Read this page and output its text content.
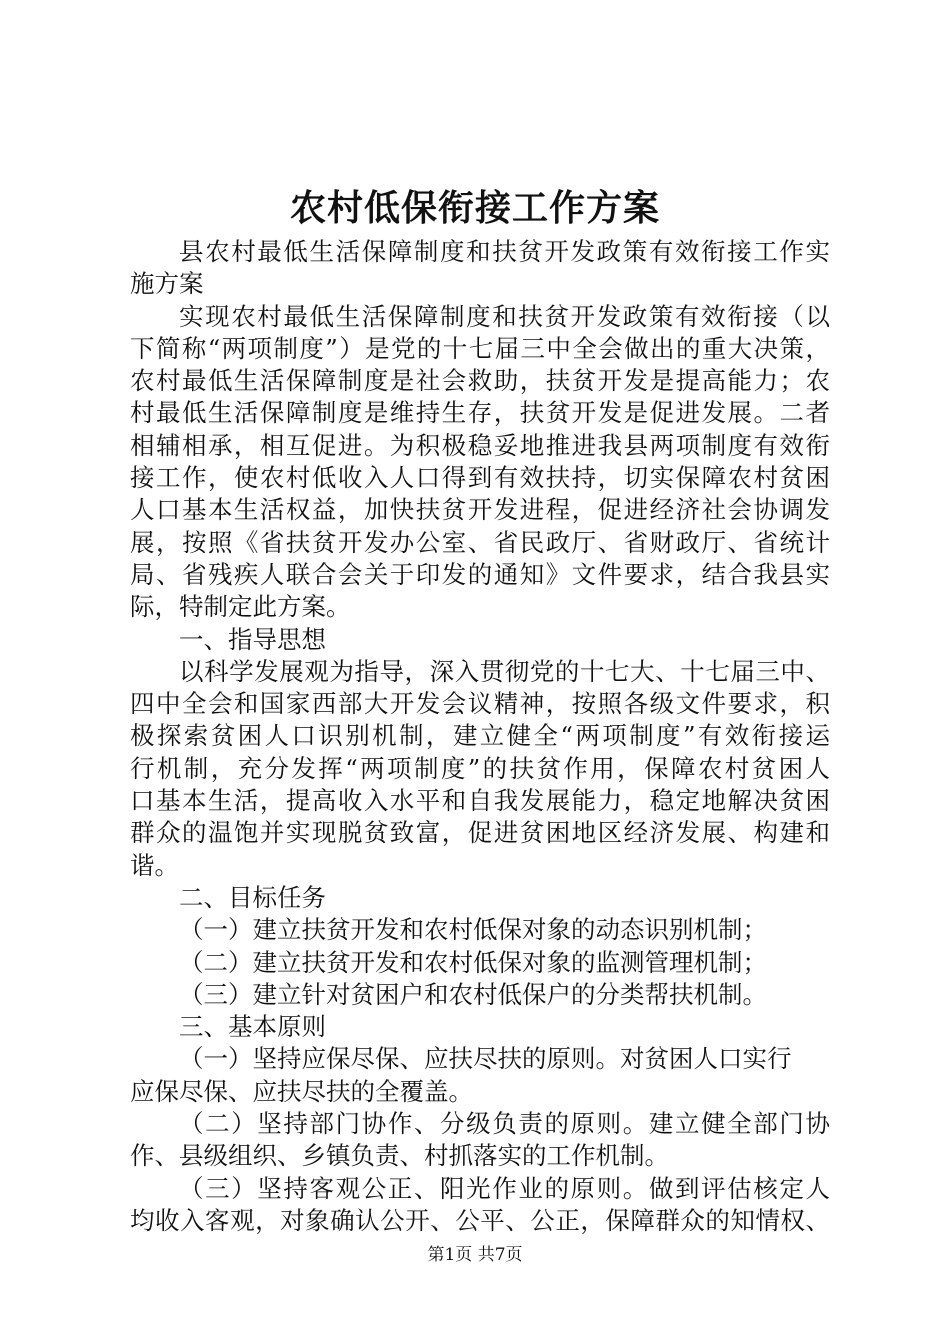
农村低保衔接工作方案
县农村最低生活保障制度和扶贫开发政策有效衔接工作实
施方案
实现农村最低生活保障制度和扶贫开发政策有效衔接（以
下简称“两项制度”）是党的十七届三中全会做出的重大决策，
农村最低生活保障制度是社会救助，扶贫开发是提高能力；农
村最低生活保障制度是维持生存，扶贫开发是促进发展。二者
相辅相承，相互促进。为积极稳妥地推进我县两项制度有效衔
接工作，使农村低收入人口得到有效扶持，切实保障农村贫困
人口基本生活权益，加快扶贫开发进程，促进经济社会协调发
展，按照《省扶贫开发办公室、省民政厅、省财政厅、省统计
局、省残疾人联合会关于印发的通知》文件要求，结合我县实
际，特制定此方案。
一、指导思想
以科学发展观为指导，深入贯彻党的十七大、十七届三中、
四中全会和国家西部大开发会议精神，按照各级文件要求，积
极探索贫困人口识别机制，建立健全“两项制度”有效衔接运
行机制，充分发挥“两项制度”的扶贫作用，保障农村贫困人
口基本生活，提高收入水平和自我发展能力，稳定地解决贫困
群众的温饱并实现脱贫致富，促进贫困地区经济发展、构建和
谐。
二、目标任务
（一）建立扶贫开发和农村低保对象的动态识别机制；
（二）建立扶贫开发和农村低保对象的监测管理机制；
（三）建立针对贫困户和农村低保户的分类帮扶机制。
三、基本原则
（一）坚持应保尽保、应扶尽扶的原则。对贫困人口实行
应保尽保、应扶尽扶的全覆盖。
（二）坚持部门协作、分级负责的原则。建立健全部门协
作、县级组织、乡镇负责、村抓落实的工作机制。
（三）坚持客观公正、阳光作业的原则。做到评估核定人
均收入客观，对象确认公开、公平、公正，保障群众的知情权、
第1页 共7页
